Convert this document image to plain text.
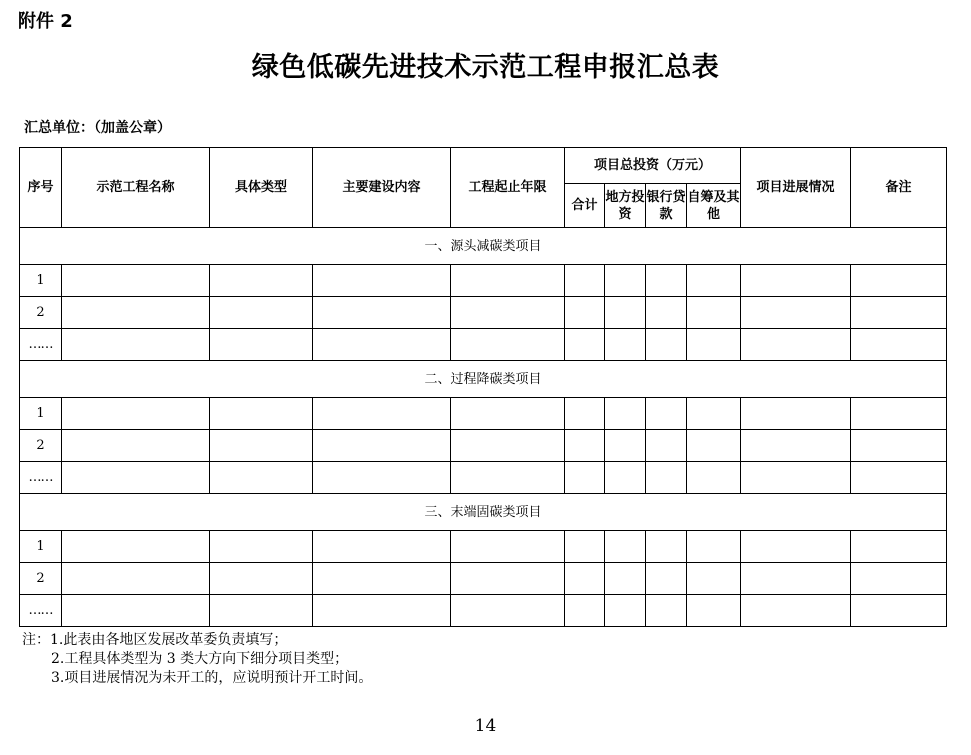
附件 2
绿色低碳先进技术示范工程申报汇总表
汇总单位：（加盖公章）
序号	示范工程名称	具体类型	主要建设内容	工程起止年限	项目总投资（万元）				项目进展情况	备注
					合计	地方投资	银行贷款	自筹及其他		
一、源头减碳类项目										
1										
2										
……										
二、过程降碳类项目										
1										
2										
……										
三、末端固碳类项目										
1										
2										
……										
注：1.此表由各地区发展改革委负责填写；
2.工程具体类型为 3 类大方向下细分项目类型；
3.项目进展情况为未开工的，应说明预计开工时间。
14
